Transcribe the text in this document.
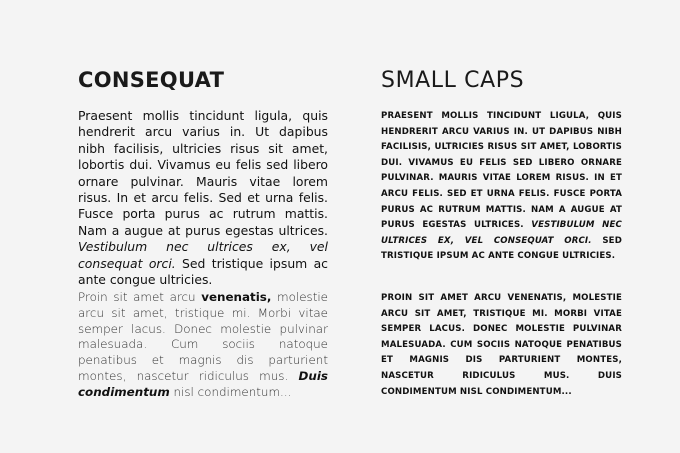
CONSEQUAT

Praesent mollis tincidunt ligula, quis hendrerit arcu varius in. Ut dapibus nibh facilisis, ultricies risus sit amet, lobortis dui. Vivamus eu felis sed libero ornare pulvinar. Mauris vitae lorem risus. In et arcu felis. Sed et urna felis. Fusce porta purus ac rutrum mattis. Nam a augue at purus egestas ultrices. Vestibulum nec ultrices ex, vel consequat orci. Sed tristique ipsum ac ante congue ultricies.

Proin sit amet arcu venenatis, molestie arcu sit amet, tristique mi. Morbi vitae semper lacus. Donec molestie pulvinar malesuada. Cum sociis natoque penatibus et magnis dis parturient montes, nascetur ridiculus mus. Duis condimentum nisl condimentum...

SMALL CAPS

PRAESENT MOLLIS TINCIDUNT LIGULA, QUIS HENDRERIT ARCU VARIUS IN. UT DAPIBUS NIBH FACILISIS, ULTRICIES RISUS SIT AMET, LOBORTIS DUI. VIVAMUS EU FELIS SED LIBERO ORNARE PULVINAR. MAURIS VITAE LOREM RISUS. IN ET ARCU FELIS. SED ET URNA FELIS. FUSCE PORTA PURUS AC RUTRUM MATTIS. NAM A AUGUE AT PURUS EGESTAS ULTRICES. VESTIBULUM NEC ULTRICES EX, VEL CONSEQUAT ORCI. SED TRISTIQUE IPSUM AC ANTE CONGUE ULTRICIES.

PROIN SIT AMET ARCU VENENATIS, MOLESTIE ARCU SIT AMET, TRISTIQUE MI. MORBI VITAE SEMPER LACUS. DONEC MOLESTIE PULVINAR MALESUADA. CUM SOCIIS NATOQUE PENATIBUS ET MAGNIS DIS PARTURIENT MONTES, NASCETUR RIDICULUS MUS. DUIS CONDIMENTUM NISL CONDIMENTUM...
